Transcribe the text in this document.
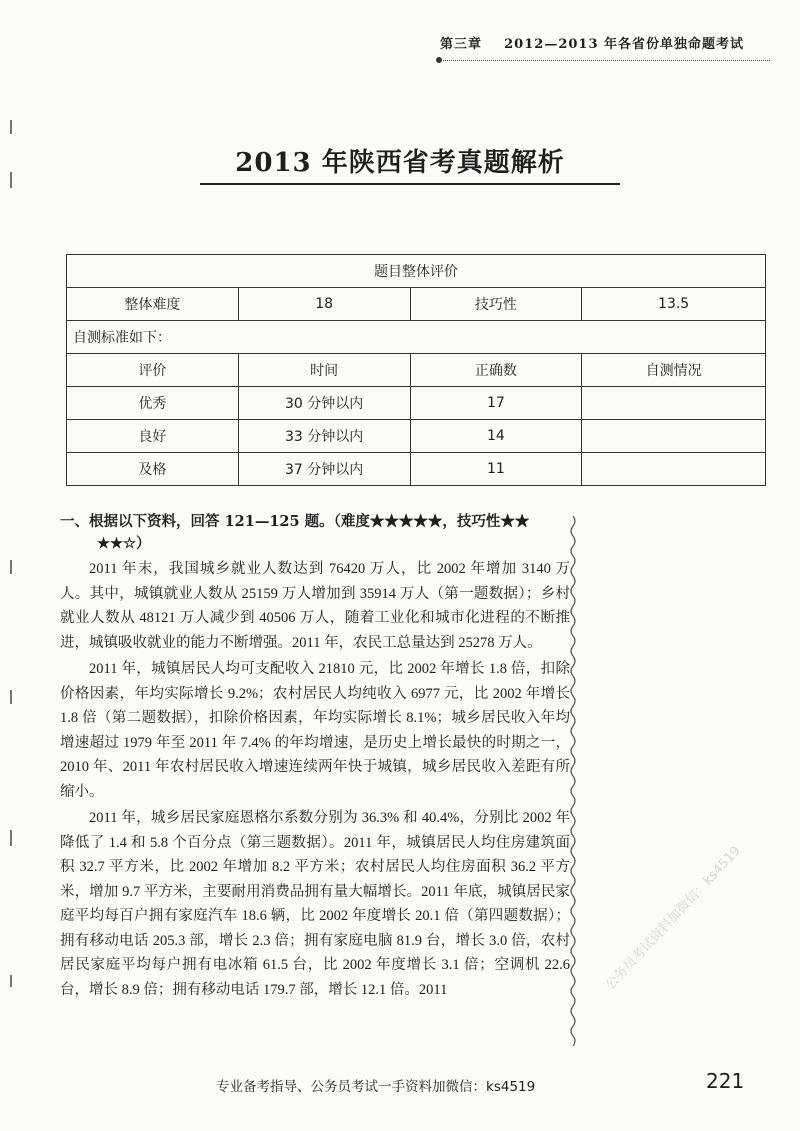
第三章 2012—2013 年各省份单独命题考试
2013 年陕西省考真题解析
题目整体评价			
整体难度	18	技巧性	13.5
自测标准如下：			
评价	时间	正确数	自测情况
优秀	30 分钟以内	17	
良好	33 分钟以内	14	
及格	37 分钟以内	11	
一、根据以下资料，回答 121—125 题。（难度★★★★★，技巧性★★
★★☆）

2011 年末，我国城乡就业人数达到 76420 万人，比 2002 年增加 3140 万人。其中，城镇就业人数从 25159 万人增加到 35914 万人（第一题数据）；乡村就业人数从 48121 万人减少到 40506 万人，随着工业化和城市化进程的不断推进，城镇吸收就业的能力不断增强。2011 年，农民工总量达到 25278 万人。

2011 年，城镇居民人均可支配收入 21810 元，比 2002 年增长 1.8 倍，扣除价格因素，年均实际增长 9.2%；农村居民人均纯收入 6977 元，比 2002 年增长 1.8 倍（第二题数据），扣除价格因素，年均实际增长 8.1%；城乡居民收入年均增速超过 1979 年至 2011 年 7.4% 的年均增速，是历史上增长最快的时期之一，2010 年、2011 年农村居民收入增速连续两年快于城镇，城乡居民收入差距有所缩小。

2011 年，城乡居民家庭恩格尔系数分别为 36.3% 和 40.4%，分别比 2002 年降低了 1.4 和 5.8 个百分点（第三题数据）。2011 年，城镇居民人均住房建筑面积 32.7 平方米，比 2002 年增加 8.2 平方米；农村居民人均住房面积 36.2 平方米，增加 9.7 平方米，主要耐用消费品拥有量大幅增长。2011 年底，城镇居民家庭平均每百户拥有家庭汽车 18.6 辆，比 2002 年度增长 20.1 倍（第四题数据）；拥有移动电话 205.3 部，增长 2.3 倍；拥有家庭电脑 81.9 台，增长 3.0 倍，农村居民家庭平均每户拥有电冰箱 61.5 台，比 2002 年度增长 3.1 倍；空调机 22.6 台，增长 8.9 倍；拥有移动电话 179.7 部，增长 12.1 倍。2011	公务员考试资料加微信：ks4519
专业备考指导、公务员考试一手资料加微信：ks4519	221
